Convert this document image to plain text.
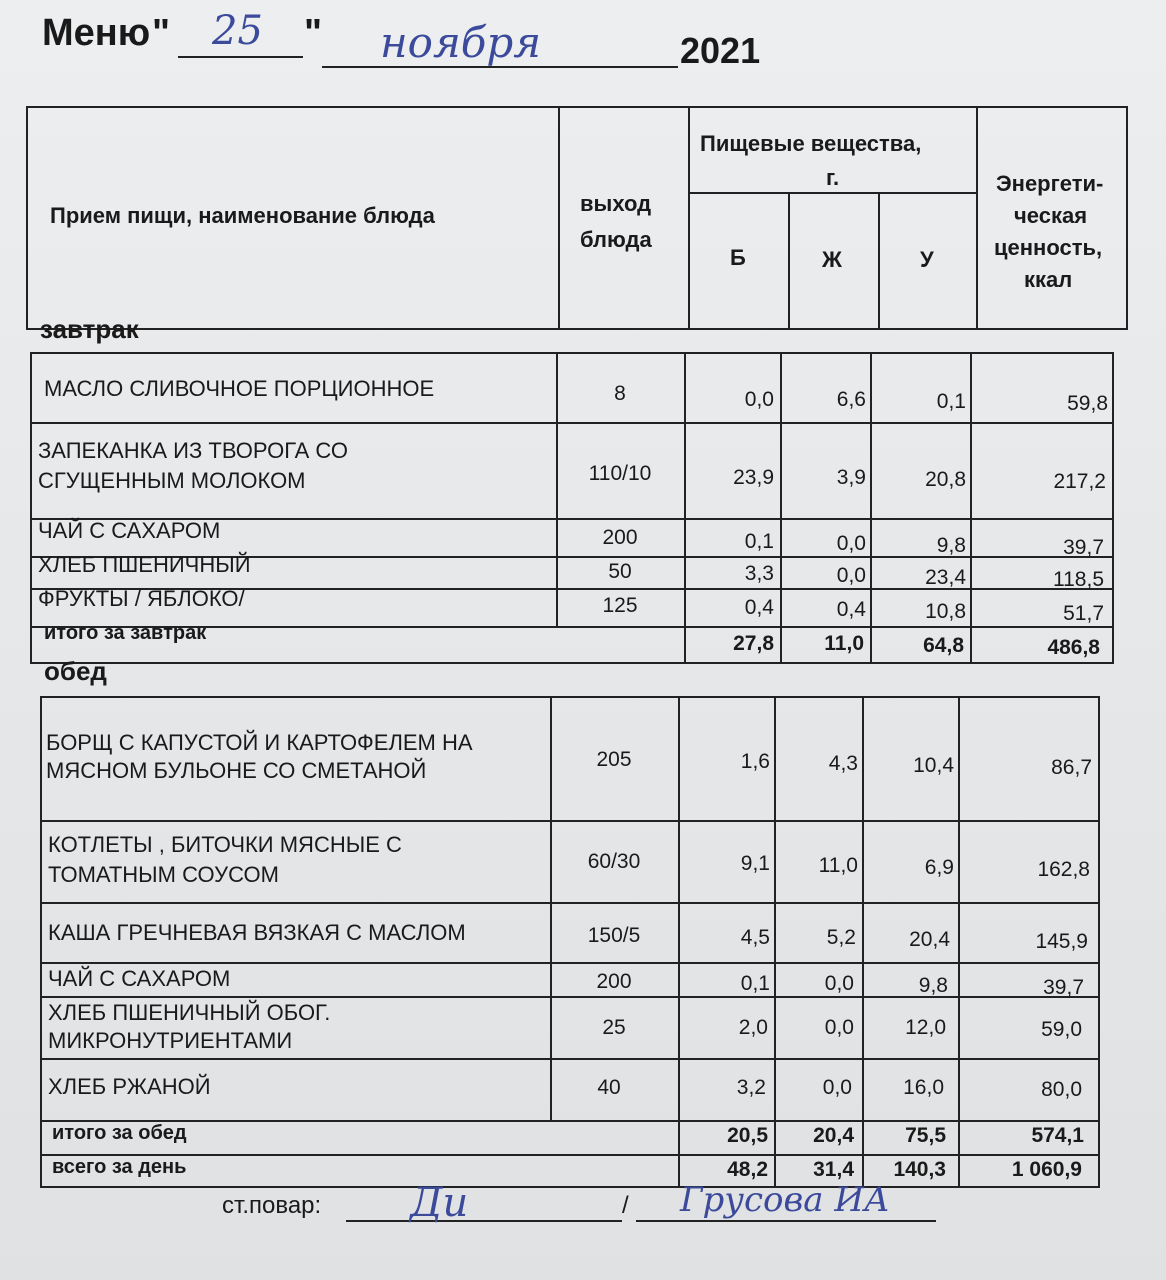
Меню " 25 " ноября	2021
Прием пищи, наименование блюда	выход
блюда
Пищевые вещества,
г.
Б	Ж	У
Энергети-
ческая
ценность,
ккал
завтрак
МАСЛО СЛИВОЧНОЕ ПОРЦИОННОЕ	8	0,0	6,6	0,1	59,8
ЗАПЕКАНКА ИЗ ТВОРОГА СО
СГУЩЕННЫМ МОЛОКОМ	110/10	23,9	3,9	20,8	217,2
ЧАЙ С САХАРОМ	200	0,1	0,0	9,8	39,7
ХЛЕБ ПШЕНИЧНЫЙ	50	3,3	0,0	23,4	118,5
ФРУКТЫ / ЯБЛОКО/	125	0,4	0,4	10,8	51,7
итого за завтрак	27,8	11,0	64,8	486,8
обед
БОРЩ С КАПУСТОЙ И КАРТОФЕЛЕМ НА
МЯСНОМ БУЛЬОНЕ СО СМЕТАНОЙ	205	1,6	4,3	10,4	86,7
КОТЛЕТЫ , БИТОЧКИ МЯСНЫЕ С
ТОМАТНЫМ СОУСОМ
60/30	9,1	11,0	6,9	162,8
КАША ГРЕЧНЕВАЯ ВЯЗКАЯ С МАСЛОМ	150/5	4,5	5,2	20,4	145,9
ЧАЙ С САХАРОМ	200	0,1	0,0	9,8	39,7
ХЛЕБ ПШЕНИЧНЫЙ ОБОГ.
МИКРОНУТРИЕНТАМИ
25	2,0	0,0	12,0	59,0
ХЛЕБ РЖАНОЙ	40	3,2	0,0	16,0	80,0
итого за обед	20,5	20,4	75,5	574,1
всего за день	48,2	31,4	140,3	1 060,9
ст.повар:	/
Ди	Грусова ИА
